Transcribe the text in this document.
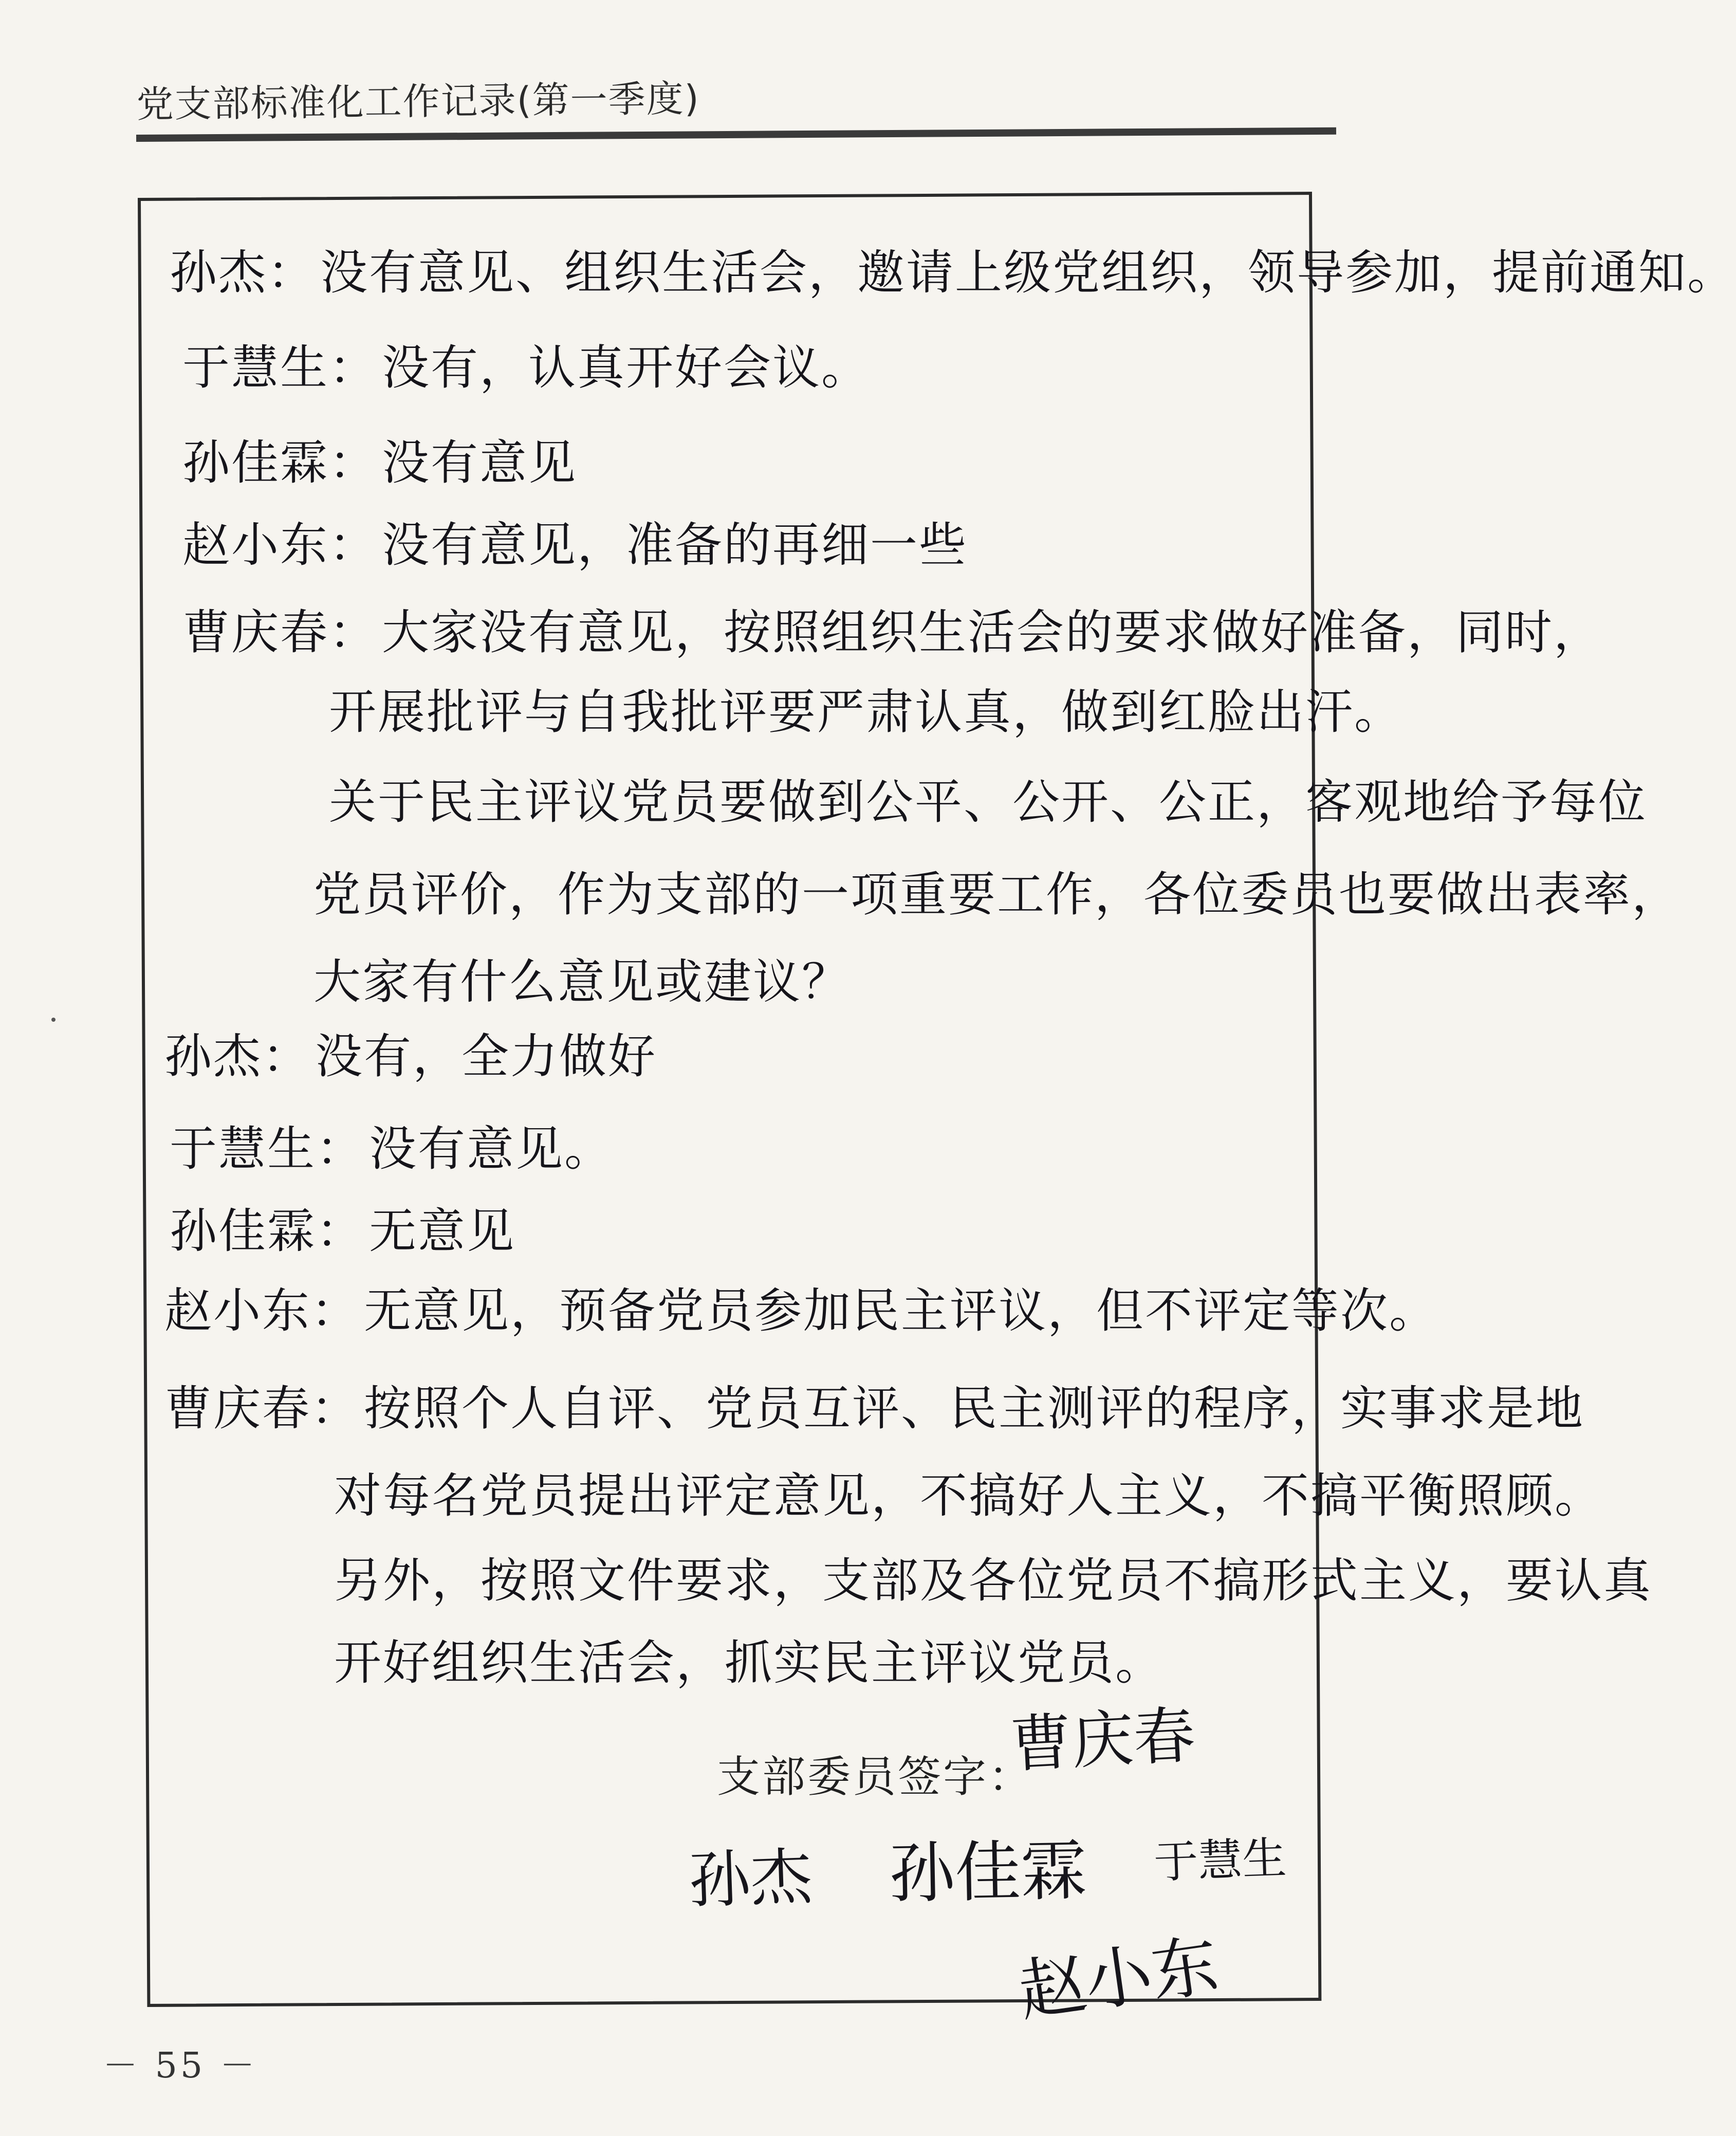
党支部标准化工作记录(第一季度)
孙杰：没有意见、组织生活会，邀请上级党组织，领导参加，提前通知。
于慧生：没有，认真开好会议。
孙佳霖：没有意见
赵小东：没有意见，准备的再细一些
曹庆春：大家没有意见，按照组织生活会的要求做好准备，同时，
开展批评与自我批评要严肃认真，做到红脸出汗。
关于民主评议党员要做到公平、公开、公正，客观地给予每位
党员评价，作为支部的一项重要工作，各位委员也要做出表率，
大家有什么意见或建议？
孙杰：没有，全力做好
于慧生：没有意见。
孙佳霖：无意见
赵小东：无意见，预备党员参加民主评议，但不评定等次。
曹庆春：按照个人自评、党员互评、民主测评的程序，实事求是地
对每名党员提出评定意见，不搞好人主义，不搞平衡照顾。
另外，按照文件要求，支部及各位党员不搞形式主义，要认真
开好组织生活会，抓实民主评议党员。
支部委员签字：
曹庆春
孙杰 孙佳霖 于慧生
赵小东
－ 55 －
